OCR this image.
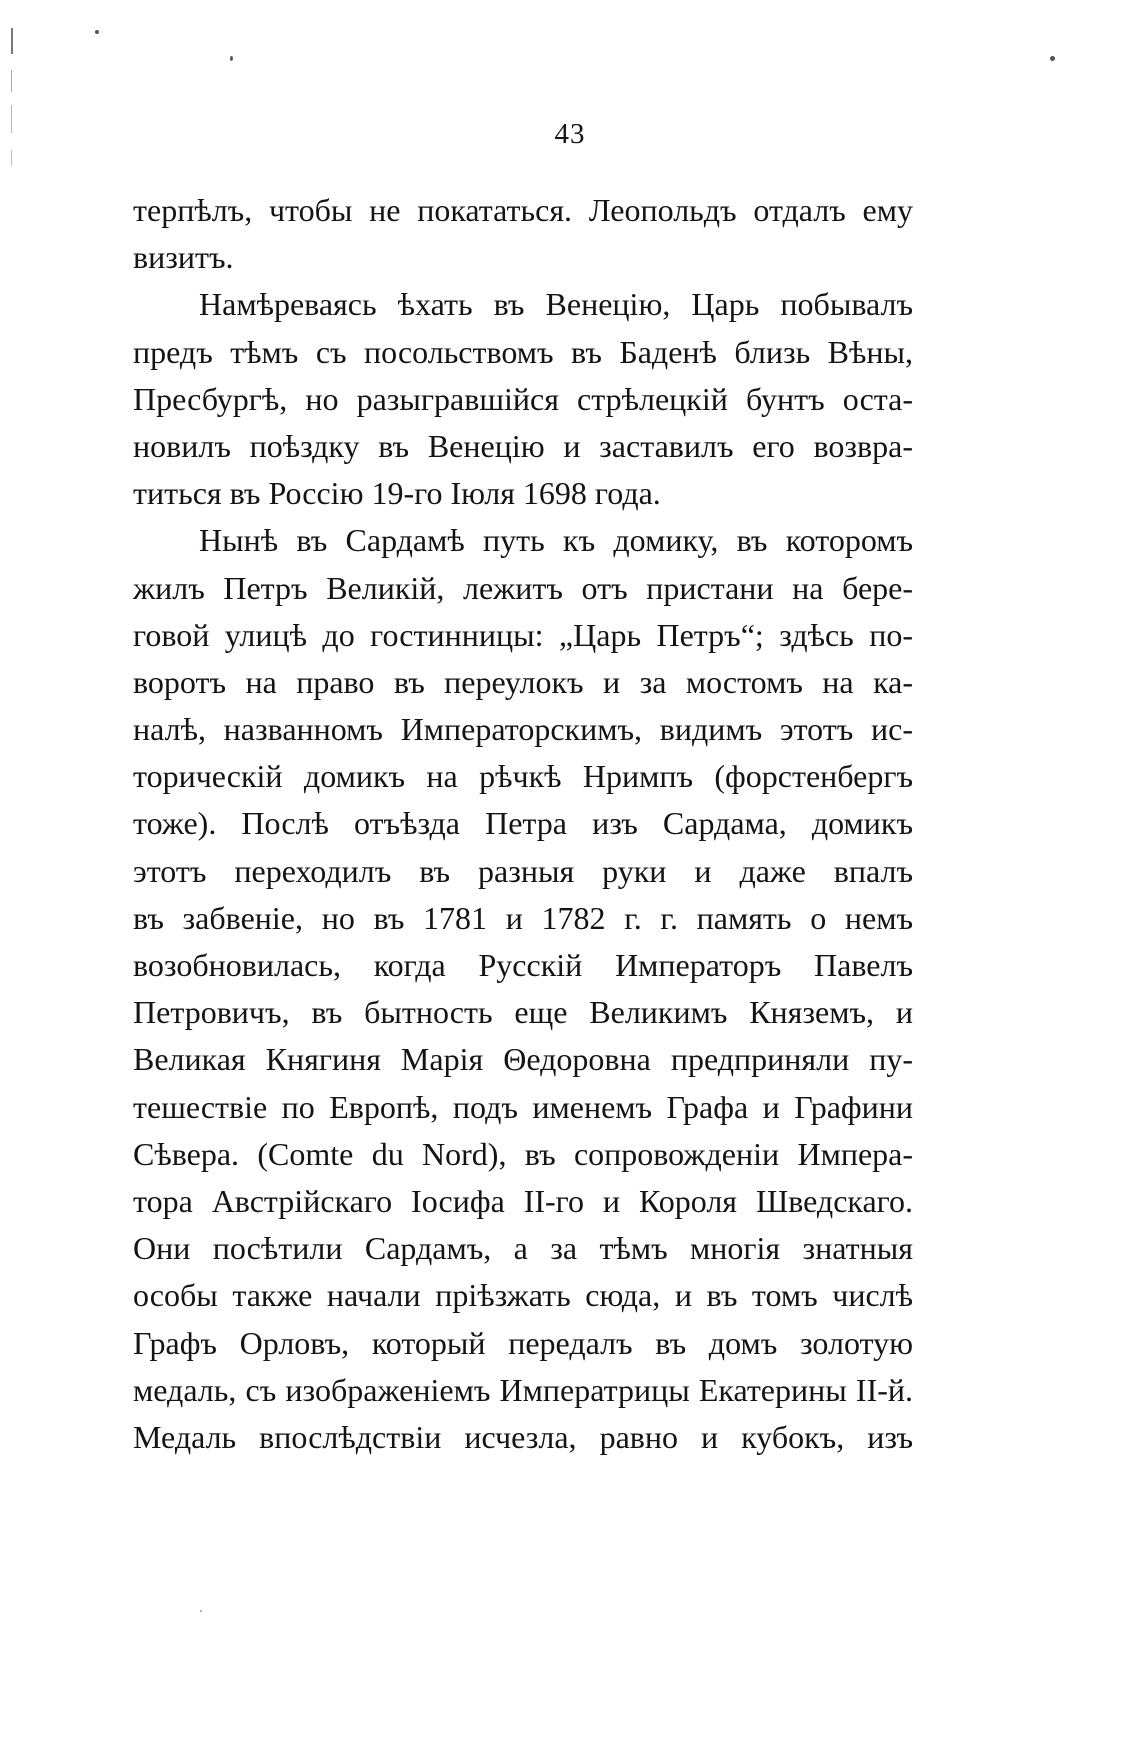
43
терпѣлъ, чтобы не покататься. Леопольдъ отдалъ ему
визитъ.
Намѣреваясь ѣхать въ Венецію, Царь побывалъ
предъ тѣмъ съ посольствомъ въ Баденѣ близь Вѣны,
Пресбургѣ, но разыгравшійся стрѣлецкій бунтъ оста-
новилъ поѣздку въ Венецію и заставилъ его возвра-
титься въ Россію 19-го Іюля 1698 года.
Нынѣ въ Сардамѣ путь къ домику, въ которомъ
жилъ Петръ Великій, лежитъ отъ пристани на бере-
говой улицѣ до гостинницы: „Царь Петръ“; здѣсь по-
воротъ на право въ переулокъ и за мостомъ на ка-
налѣ, названномъ Императорскимъ, видимъ этотъ ис-
торическій домикъ на рѣчкѣ Нримпъ (форстенбергъ
тоже). Послѣ отъѣзда Петра изъ Сардама, домикъ
этотъ переходилъ въ разныя руки и даже впалъ
въ забвеніе, но въ 1781 и 1782 г. г. память о немъ
возобновилась, когда Русскій Императоръ Павелъ
Петровичъ, въ бытность еще Великимъ Княземъ, и
Великая Княгиня Марія Θедоровна предприняли пу-
тешествіе по Европѣ, подъ именемъ Графа и Графини
Сѣвера. (Comte du Nord), въ сопровожденіи Импера-
тора Австрійскаго Іосифа II-го и Короля Шведскаго.
Они посѣтили Сардамъ, а за тѣмъ многія знатныя
особы также начали пріѣзжать сюда, и въ томъ числѣ
Графъ Орловъ, который передалъ въ домъ золотую
медаль, съ изображеніемъ Императрицы Екатерины II-й.
Медаль впослѣдствіи исчезла, равно и кубокъ, изъ
